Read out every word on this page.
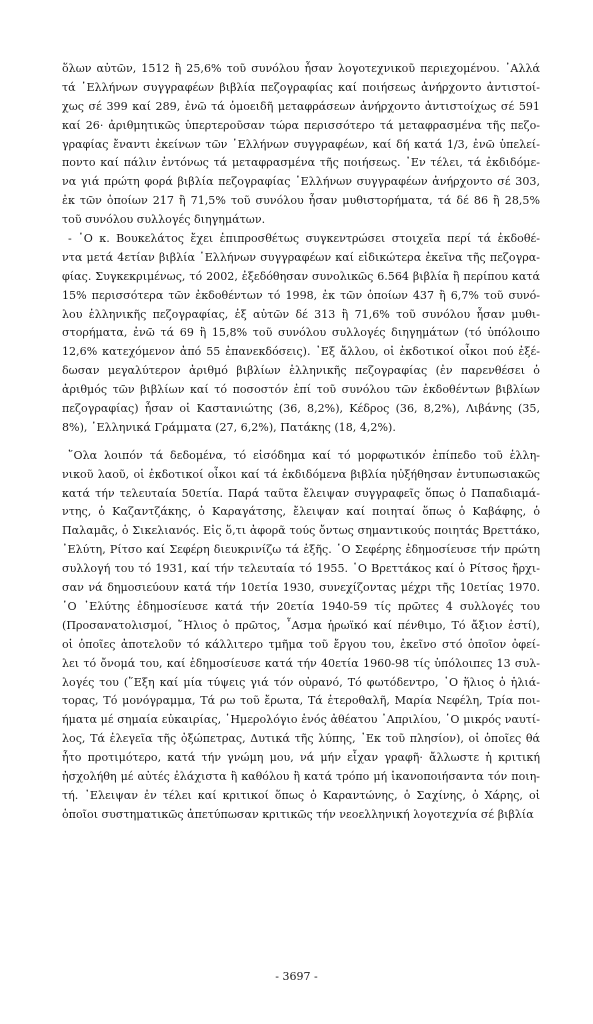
ὅλων αὐτῶν, 1512 ἢ 25,6% τοῦ συνόλου ἦσαν λογοτεχνικοῦ περιεχομένου. ᾿Αλλά
τά ῾Ελλήνων συγγραφέων βιβλία πεζογραφίας καί ποιήσεως ἀνήρχοντο ἀντιστοί-
χως σέ 399 καί 289, ἐνῶ τά ὁμοειδῆ μεταφράσεων ἀνήρχοντο ἀντιστοίχως σέ 591
καί 26· ἀριθμητικῶς ὑπερτεροῦσαν τώρα περισσότερο τά μεταφρασμένα τῆς πεζο-
γραφίας ἔναντι ἐκείνων τῶν ῾Ελλήνων συγγραφέων, καί δή κατά 1/3, ἐνῶ ὑπελεί-
ποντο καί πάλιν ἐντόνως τά μεταφρασμένα τῆς ποιήσεως. ᾿Εν τέλει, τά ἐκδιδόμε-
να γιά πρώτη φορά βιβλία πεζογραφίας ῾Ελλήνων συγγραφέων ἀνήρχοντο σέ 303,
ἐκ τῶν ὁποίων 217 ἢ 71,5% τοῦ συνόλου ἦσαν μυθιστορήματα, τά δέ 86 ἢ 28,5%
τοῦ συνόλου συλλογές διηγημάτων.

- ῾Ο κ. Βουκελάτος ἔχει ἐπιπροσθέτως συγκεντρώσει στοιχεῖα περί τά ἐκδοθέ-
ντα μετά 4ετίαν βιβλία ῾Ελλήνων συγγραφέων καί εἰδικώτερα ἐκεῖνα τῆς πεζογρα-
φίας. Συγκεκριμένως, τό 2002, ἐξεδόθησαν συνολικῶς 6.564 βιβλία ἢ περίπου κατά
15% περισσότερα τῶν ἐκδοθέντων τό 1998, ἐκ τῶν ὁποίων 437 ἢ 6,7% τοῦ συνό-
λου ἑλληνικῆς πεζογραφίας, ἐξ αὐτῶν δέ 313 ἢ 71,6% τοῦ συνόλου ἦσαν μυθι-
στορήματα, ἐνῶ τά 69 ἢ 15,8% τοῦ συνόλου συλλογές διηγημάτων (τό ὑπόλοιπο
12,6% κατεχόμενον ἀπό 55 ἐπανεκδόσεις). ᾿Εξ ἄλλου, οἱ ἐκδοτικοί οἶκοι πού ἐξέ-
δωσαν μεγαλύτερον ἀριθμό βιβλίων ἑλληνικῆς πεζογραφίας (ἐν παρενθέσει ὁ
ἀριθμός τῶν βιβλίων καί τό ποσοστόν ἐπί τοῦ συνόλου τῶν ἐκδοθέντων βιβλίων
πεζογραφίας) ἦσαν οἱ Καστανιώτης (36, 8,2%), Κέδρος (36, 8,2%), Λιβάνης (35,
8%), ῾Ελληνικά Γράμματα (27, 6,2%), Πατάκης (18, 4,2%).

῞Ολα λοιπόν τά δεδομένα, τό εἰσόδημα καί τό μορφωτικόν ἐπίπεδο τοῦ ἑλλη-
νικοῦ λαοῦ, οἱ ἐκδοτικοί οἶκοι καί τά ἐκδιδόμενα βιβλία ηὐξήθησαν ἐντυπωσιακῶς
κατά τήν τελευταία 50ετία. Παρά ταῦτα ἔλειψαν συγγραφεῖς ὅπως ὁ Παπαδιαμά-
ντης, ὁ Καζαντζάκης, ὁ Καραγάτσης, ἔλειψαν καί ποιηταί ὅπως ὁ Καβάφης, ὁ
Παλαμᾶς, ὁ Σικελιανός. Εἰς ὅ,τι ἀφορᾶ τούς ὄντως σημαντικούς ποιητάς Βρεττάκο,
᾿Ελύτη, Ρίτσο καί Σεφέρη διευκρινίζω τά ἑξῆς. ῾Ο Σεφέρης ἐδημοσίευσε τήν πρώτη
συλλογή του τό 1931, καί τήν τελευταία τό 1955. ῾Ο Βρεττάκος καί ὁ Ρίτσος ἤρχι-
σαν νά δημοσιεύουν κατά τήν 10ετία 1930, συνεχίζοντας μέχρι τῆς 10ετίας 1970.
῾Ο ᾿Ελύτης ἐδημοσίευσε κατά τήν 20ετία 1940-59 τίς πρῶτες 4 συλλογές του
(Προσανατολισμοί, ῞Ηλιος ὁ πρῶτος, ῏Ασμα ἡρωϊκό καί πένθιμο, Τό ἄξιον ἐστί),
οἱ ὁποῖες ἀποτελοῦν τό κάλλιτερο τμῆμα τοῦ ἔργου του, ἐκεῖνο στό ὁποῖον ὀφεί-
λει τό ὄνομά του, καί ἐδημοσίευσε κατά τήν 40ετία 1960-98 τίς ὑπόλοιπες 13 συλ-
λογές του (῞Εξη καί μία τύψεις γιά τόν οὐρανό, Τό φωτόδεντρο, ῾Ο ἥλιος ὁ ἡλιά-
τορας, Τό μονόγραμμα, Τά ρω τοῦ ἔρωτα, Τά ἐτεροθαλῆ, Μαρία Νεφέλη, Τρία ποι-
ήματα μέ σημαία εὐκαιρίας, ῾Ημερολόγιο ἑνός ἀθέατου ᾿Απριλίου, ῾Ο μικρός ναυτί-
λος, Τά ἐλεγεῖα τῆς ὀξώπετρας, Δυτικά τῆς λύπης, ᾿Εκ τοῦ πλησίον), οἱ ὁποῖες θά
ἦτο προτιμότερο, κατά τήν γνώμη μου, νά μήν εἶχαν γραφῆ· ἄλλωστε ἡ κριτική
ἠσχολήθη μέ αὐτές ἐλάχιστα ἢ καθόλου ἢ κατά τρόπο μή ἱκανοποιήσαντα τόν ποιη-
τή. ᾿Ελειψαν ἐν τέλει καί κριτικοί ὅπως ὁ Καραντώνης, ὁ Σαχίνης, ὁ Χάρης, οἱ
ὁποῖοι συστηματικῶς ἀπετύπωσαν κριτικῶς τήν νεοελληνική λογοτεχνία σέ βιβλία

- 3697 -
